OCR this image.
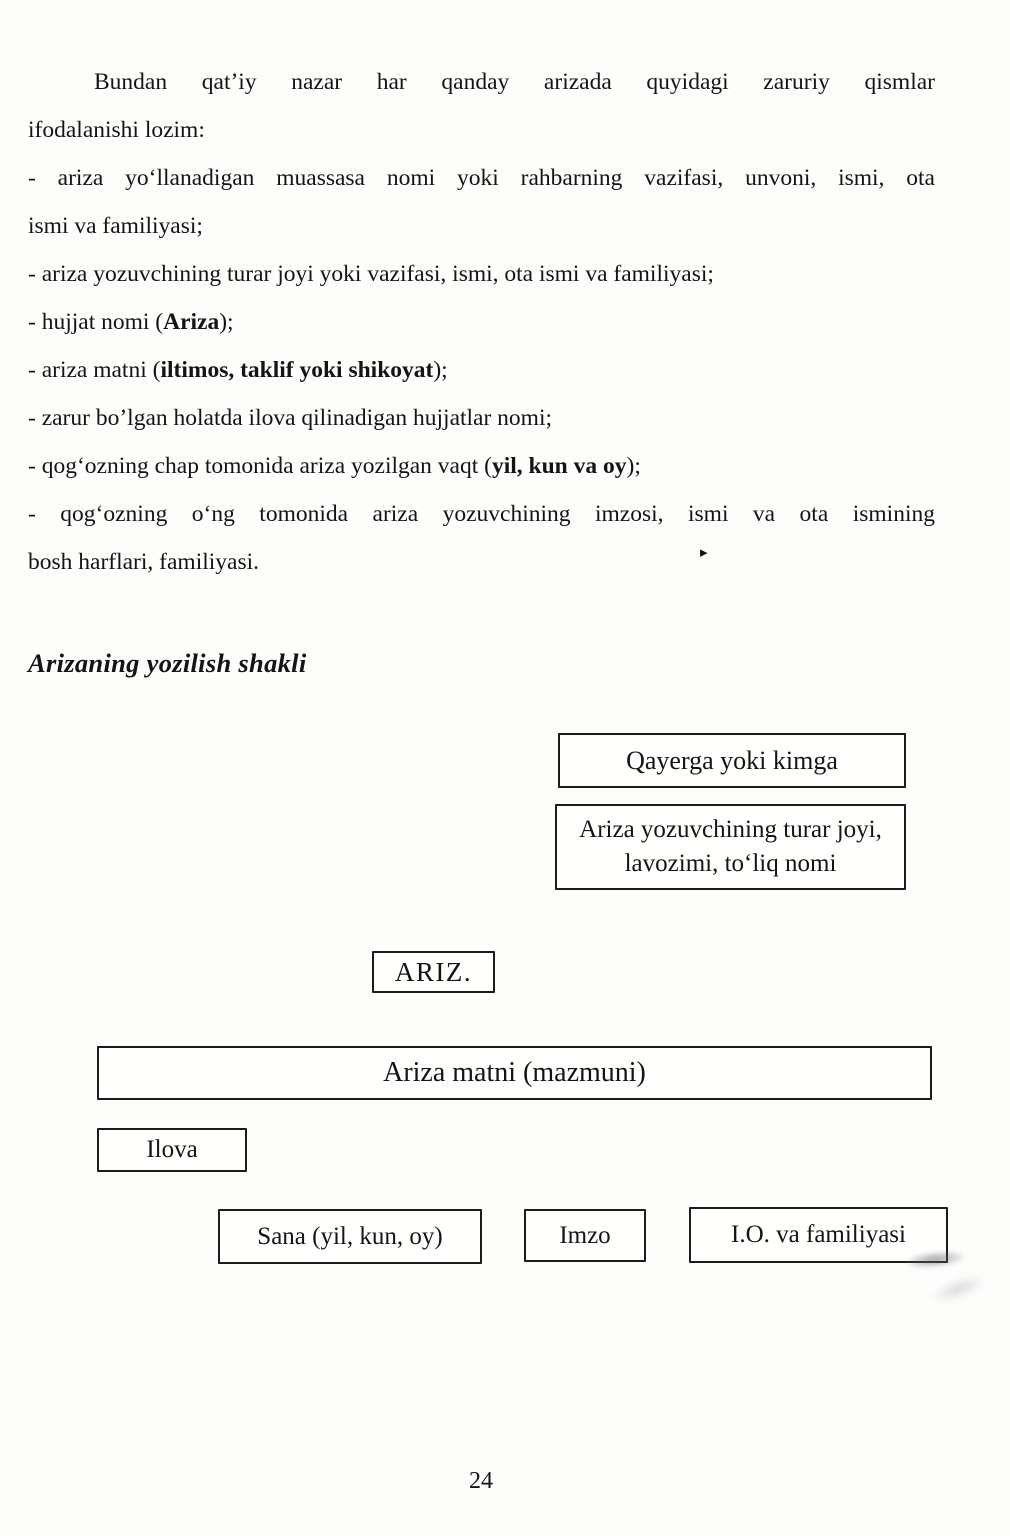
Bundan qat’iy nazar har qanday arizada quyidagi zaruriy qismlar
ifodalanishi lozim:
- ariza yoʻllanadigan muassasa nomi yoki rahbarning vazifasi, unvoni, ismi, ota
ismi va familiyasi;
- ariza yozuvchining turar joyi yoki vazifasi, ismi, ota ismi va familiyasi;
- hujjat nomi (Ariza);
- ariza matni (iltimos, taklif yoki shikoyat);
- zarur bo’lgan holatda ilova qilinadigan hujjatlar nomi;
- qogʻozning chap tomonida ariza yozilgan vaqt (yil, kun va oy);
- qogʻozning oʻng tomonida ariza yozuvchining imzosi, ismi va ota ismining
bosh harflari, familiyasi.
Arizaning yozilish shakli
▸
Qayerga yoki kimga
Ariza yozuvchining turar joyi,
lavozimi, toʻliq nomi
ARIZ.
Ariza matni (mazmuni)
Ilova
Sana (yil, kun, oy)	Imzo	I.O. va familiyasi
24
